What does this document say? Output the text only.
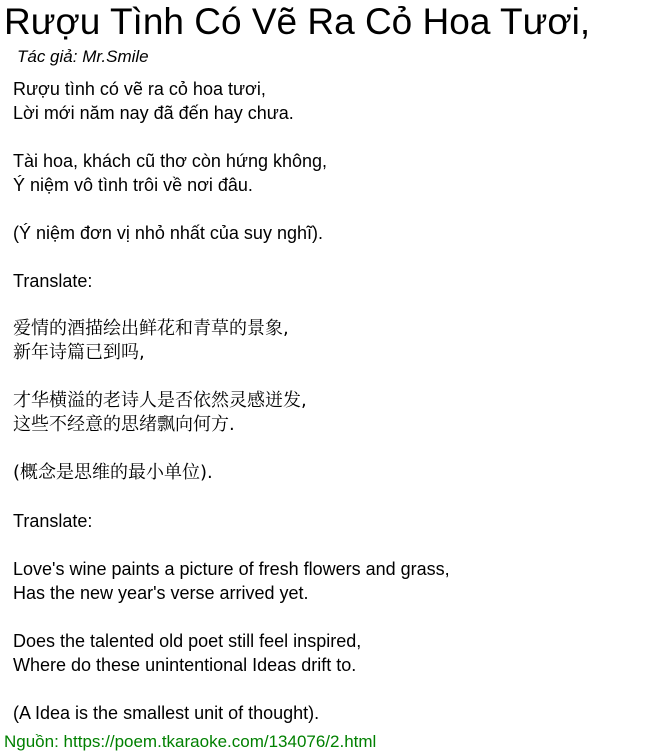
Rượu Tình Có Vẽ Ra Cỏ Hoa Tươi,
Tác giả: Mr.Smile
Rượu tình có vẽ ra cỏ hoa tươi,
Lời mới năm nay đã đến hay chưa.
Tài hoa, khách cũ thơ còn hứng không,
Ý niệm vô tình trôi về nơi đâu.
(Ý niệm đơn vị nhỏ nhất của suy nghĩ).
Translate:
爱情的酒描绘出鲜花和青草的景象,
新年诗篇已到吗,
才华横溢的老诗人是否依然灵感迸发,
这些不经意的思绪飘向何方.
(概念是思维的最小单位).
Translate:
Love's wine paints a picture of fresh flowers and grass,
Has the new year's verse arrived yet.
Does the talented old poet still feel inspired,
Where do these unintentional Ideas drift to.
(A Idea is the smallest unit of thought).
Nguồn: https://poem.tkaraoke.com/134076/2.html
